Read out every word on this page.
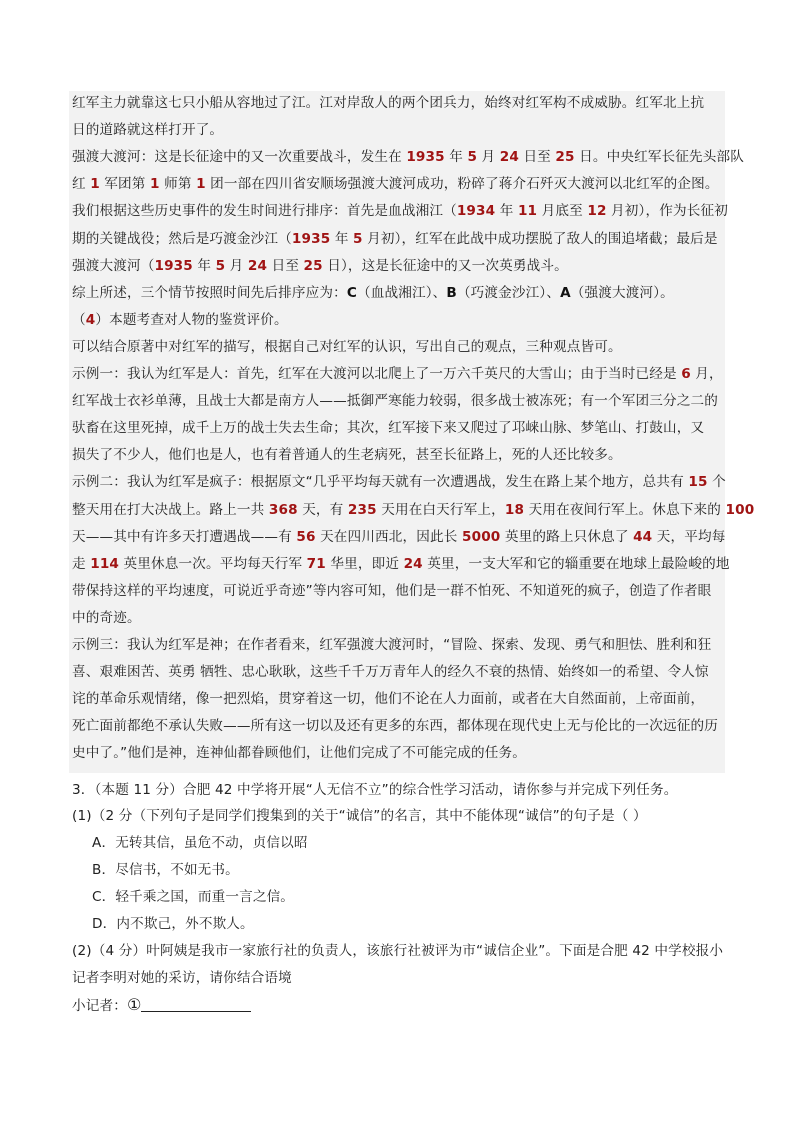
红军主力就靠这七只小船从容地过了江。江对岸敌人的两个团兵力，始终对红军构不成威胁。红军北上抗
日的道路就这样打开了。
强渡大渡河：这是长征途中的又一次重要战斗，发生在 1935 年 5 月 24 日至 25 日。中央红军长征先头部队
红 1 军团第 1 师第 1 团一部在四川省安顺场强渡大渡河成功，粉碎了蒋介石歼灭大渡河以北红军的企图。
我们根据这些历史事件的发生时间进行排序：首先是血战湘江（1934 年 11 月底至 12 月初），作为长征初
期的关键战役；然后是巧渡金沙江（1935 年 5 月初），红军在此战中成功摆脱了敌人的围追堵截；最后是
强渡大渡河（1935 年 5 月 24 日至 25 日），这是长征途中的又一次英勇战斗。
综上所述，三个情节按照时间先后排序应为：C（血战湘江）、B（巧渡金沙江）、A（强渡大渡河）。
（4）本题考查对人物的鉴赏评价。
可以结合原著中对红军的描写，根据自己对红军的认识，写出自己的观点，三种观点皆可。
示例一：我认为红军是人：首先，红军在大渡河以北爬上了一万六千英尺的大雪山；由于当时已经是 6 月，
红军战士衣衫单薄，且战士大都是南方人——抵御严寒能力较弱，很多战士被冻死；有一个军团三分之二的
驮畜在这里死掉，成千上万的战士失去生命；其次，红军接下来又爬过了邛崃山脉、梦笔山、打鼓山，又
损失了不少人，他们也是人，也有着普通人的生老病死，甚至长征路上，死的人还比较多。
示例二：我认为红军是疯子：根据原文“几乎平均每天就有一次遭遇战，发生在路上某个地方，总共有 15 个
整天用在打大决战上。路上一共 368 天，有 235 天用在白天行军上，18 天用在夜间行军上。休息下来的 100
天——其中有许多天打遭遇战——有 56 天在四川西北，因此长 5000 英里的路上只休息了 44 天，平均每
走 114 英里休息一次。平均每天行军 71 华里，即近 24 英里，一支大军和它的辎重要在地球上最险峻的地
带保持这样的平均速度，可说近乎奇迹”等内容可知，他们是一群不怕死、不知道死的疯子，创造了作者眼
中的奇迹。
示例三：我认为红军是神；在作者看来，红军强渡大渡河时，“冒险、探索、发现、勇气和胆怯、胜利和狂
喜、艰难困苦、英勇 牺牲、忠心耿耿，这些千千万万青年人的经久不衰的热情、始终如一的希望、令人惊
诧的革命乐观情绪，像一把烈焰，贯穿着这一切，他们不论在人力面前，或者在大自然面前，上帝面前，
死亡面前都绝不承认失败——所有这一切以及还有更多的东西，都体现在现代史上无与伦比的一次远征的历
史中了。”他们是神，连神仙都眷顾他们，让他们完成了不可能完成的任务。
3．（本题 11 分）合肥 42 中学将开展“人无信不立”的综合性学习活动，请你参与并完成下列任务。
(1)（2 分（下列句子是同学们搜集到的关于“诚信”的名言，其中不能体现“诚信”的句子是（ ）
A．无转其信，虽危不动，贞信以昭
B．尽信书，不如无书。
C．轻千乘之国，而重一言之信。
D．内不欺己，外不欺人。
(2)（4 分）叶阿姨是我市一家旅行社的负责人，该旅行社被评为市“诚信企业”。下面是合肥 42 中学校报小
记者李明对她的采访，请你结合语境
小记者：①
